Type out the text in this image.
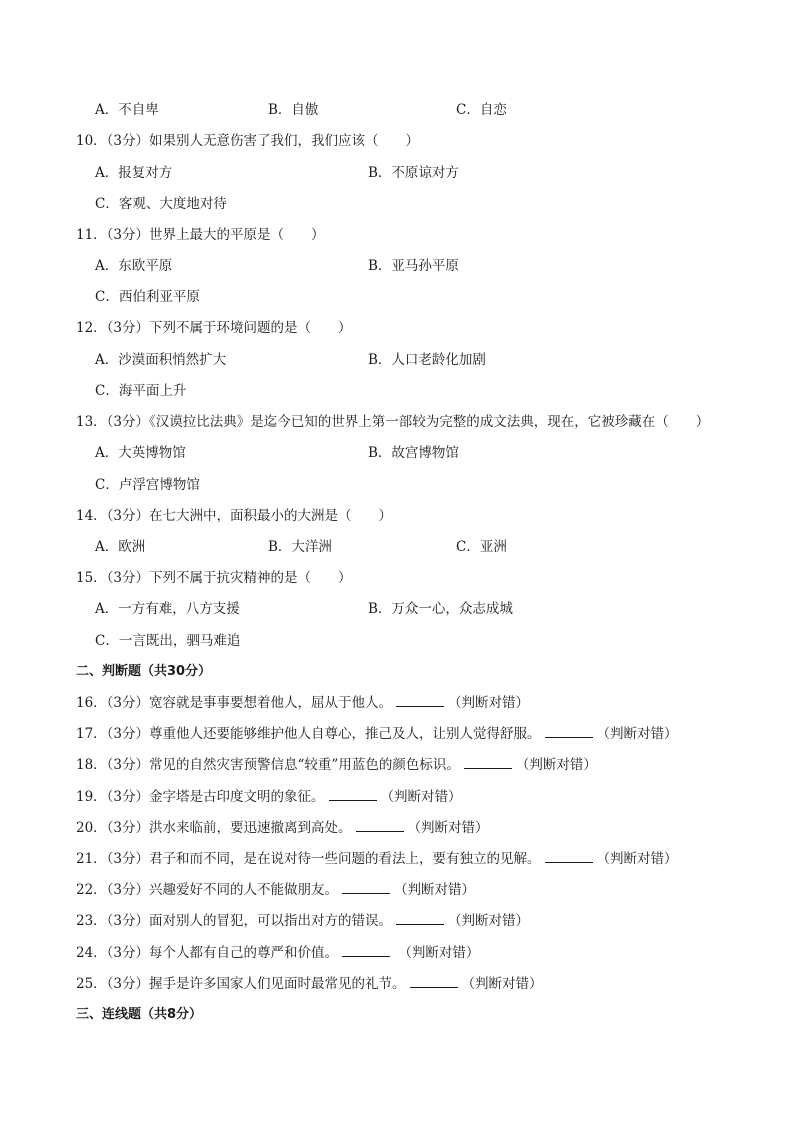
A．不自卑	B．自傲	C．自恋
10．（3分）如果别人无意伤害了我们，我们应该（　　）
A．报复对方	B．不原谅对方
C．客观、大度地对待
11．（3分）世界上最大的平原是（　　）
A．东欧平原	B．亚马孙平原
C．西伯利亚平原
12．（3分）下列不属于环境问题的是（　　）
A．沙漠面积悄然扩大	B．人口老龄化加剧
C．海平面上升
13．（3分）《汉谟拉比法典》是迄今已知的世界上第一部较为完整的成文法典，现在，它被珍藏在（　　）
A．大英博物馆	B．故宫博物馆
C．卢浮宫博物馆
14．（3分）在七大洲中，面积最小的大洲是（　　）
A．欧洲	B．大洋洲	C．亚洲
15．（3分）下列不属于抗灾精神的是（　　）
A．一方有难，八方支援	B．万众一心，众志成城
C．一言既出，驷马难追
二、判断题（共30分）
16．（3分）宽容就是事事要想着他人，屈从于他人。	（判断对错）
17．（3分）尊重他人还要能够维护他人自尊心，推己及人，让别人觉得舒服。	（判断对错）
18．（3分）常见的自然灾害预警信息“较重”用蓝色的颜色标识。	（判断对错）
19．（3分）金字塔是古印度文明的象征。	（判断对错）
20．（3分）洪水来临前，要迅速撤离到高处。	（判断对错）
21．（3分）君子和而不同，是在说对待一些问题的看法上，要有独立的见解。	（判断对错）
22．（3分）兴趣爱好不同的人不能做朋友。	（判断对错）
23．（3分）面对别人的冒犯，可以指出对方的错误。	（判断对错）
24．（3分）每个人都有自己的尊严和价值。	（判断对错）
25．（3分）握手是许多国家人们见面时最常见的礼节。	（判断对错）
三、连线题（共8分）
